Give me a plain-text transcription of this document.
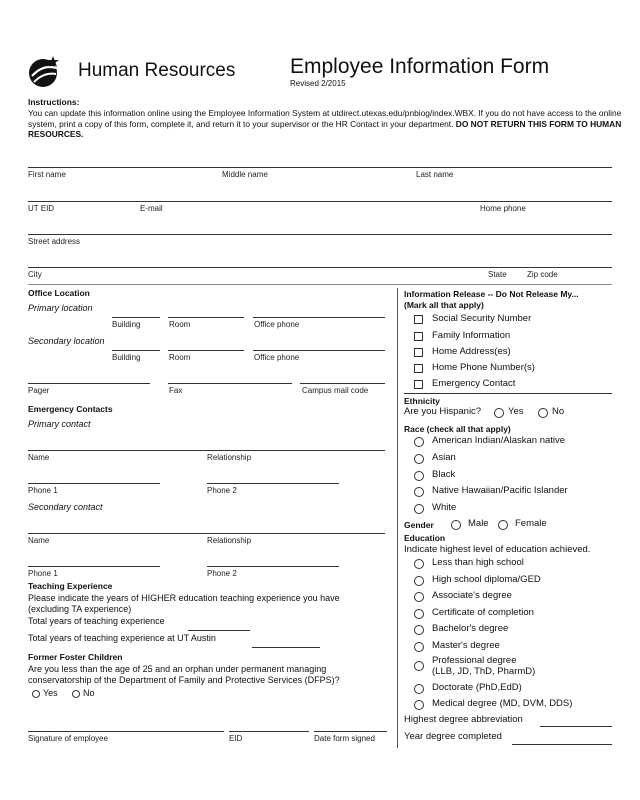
Human Resources	Employee Information Form
Revised 2/2015
Instructions:
You can update this information online using the Employee Information System at utdirect.utexas.edu/pnbiog/index.WBX. If you do not have access to the online system, print a copy of this form, complete it, and return it to your supervisor or the HR Contact in your department. DO NOT RETURN THIS FORM TO HUMAN RESOURCES.
First name	Middle name	Last name
UT EID	E-mail	Home phone
Street address
City	State	Zip code
Office Location
Primary location
Building	Room	Office phone
Secondary location
Building	Room	Office phone
Pager	Fax	Campus mail code
Emergency Contacts
Primary contact
Name	Relationship
Phone 1	Phone 2
Secondary contact
Name	Relationship
Phone 1	Phone 2
Teaching Experience
Please indicate the years of HIGHER education teaching experience you have
(excluding TA experience)
Total years of teaching experience
Total years of teaching experience at UT Austin
Former Foster Children
Are you less than the age of 25 and an orphan under permanent managing
conservatorship of the Department of Family and Protective Services (DFPS)?
Yes	No
Signature of employee	EID	Date form signed
Information Release -- Do Not Release My...
(Mark all that apply)
Social Security Number
Family Information
Home Address(es)
Home Phone Number(s)
Emergency Contact
Ethnicity
Are you Hispanic?	Yes	No
Race (check all that apply)
American Indian/Alaskan native
Asian
Black
Native Hawaiian/Pacific Islander
White
Gender	Male	Female
Education
Indicate highest level of education achieved.
Less than high school
High school diploma/GED
Associate's degree
Certificate of completion
Bachelor's degree
Master's degree
Professional degree
(LLB, JD, ThD, PharmD)
Doctorate (PhD,EdD)
Medical degree (MD, DVM, DDS)
Highest degree abbreviation
Year degree completed
